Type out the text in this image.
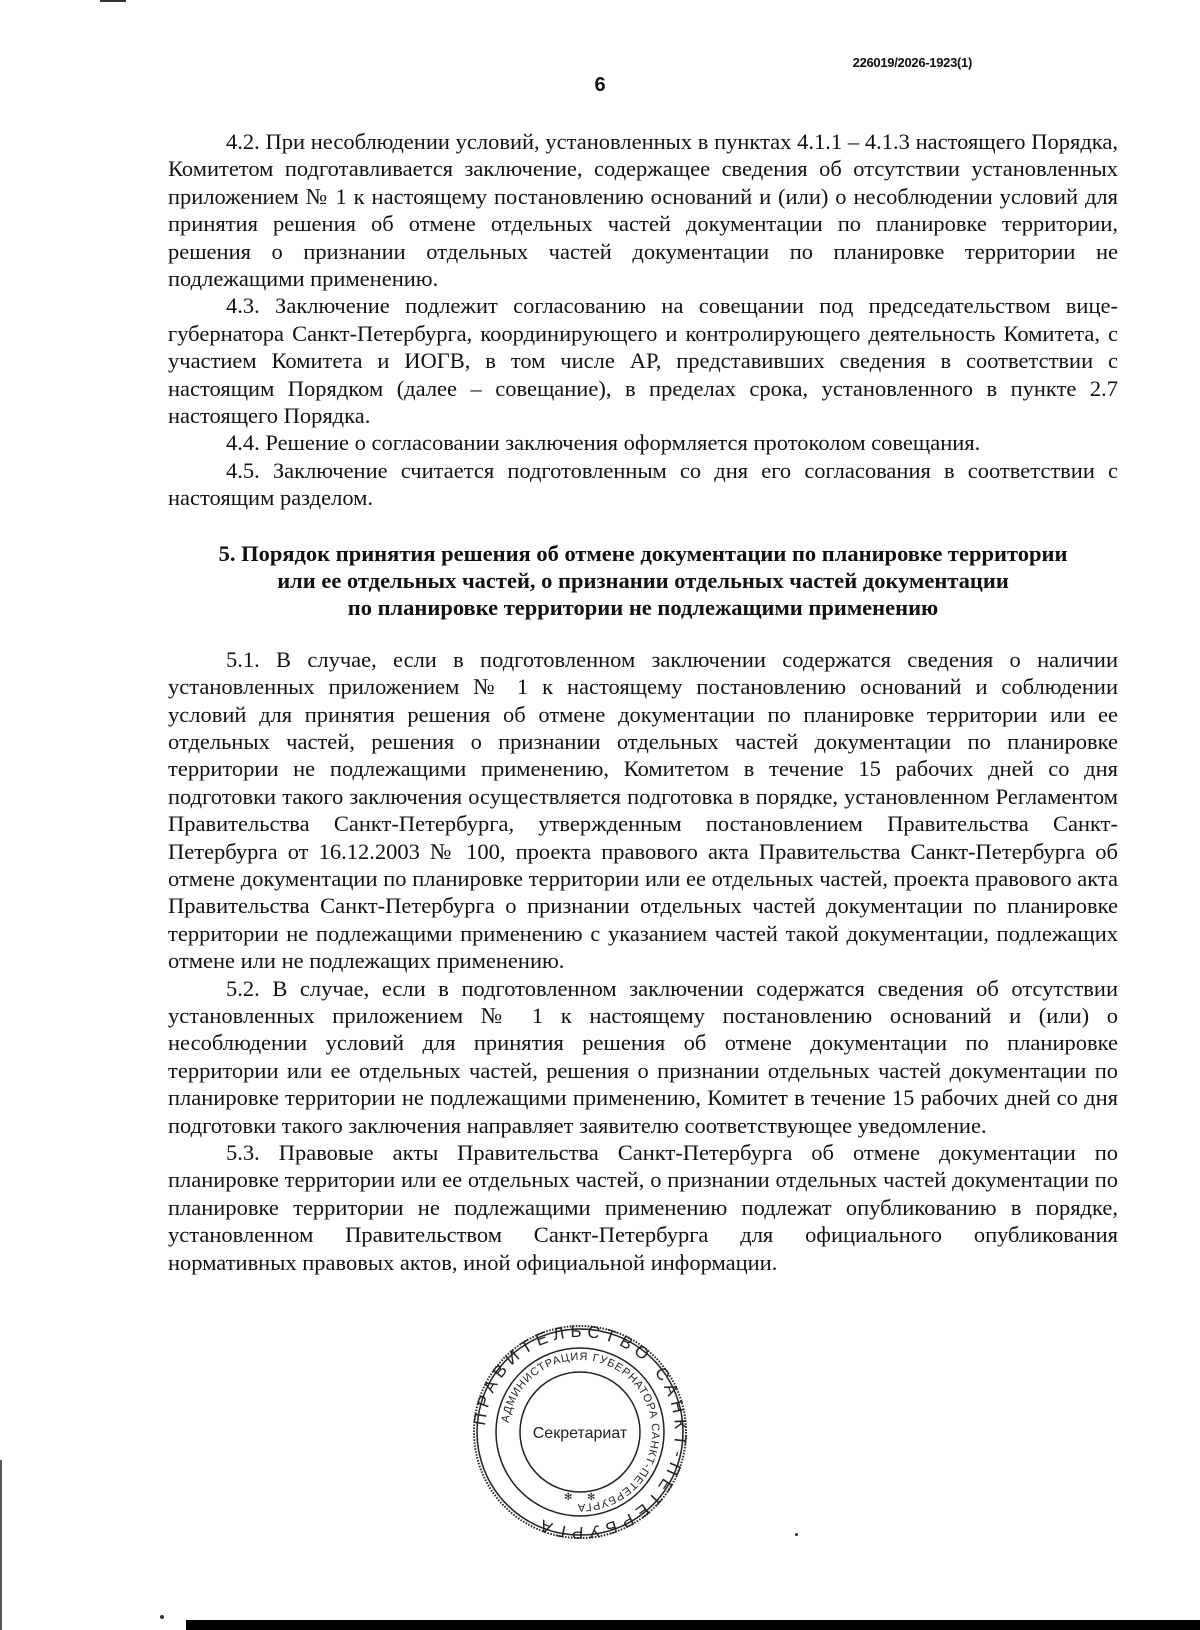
226019/2026-1923(1)
6

4.2. При несоблюдении условий, установленных в пунктах 4.1.1 – 4.1.3 настоящего Порядка, Комитетом подготавливается заключение, содержащее сведения об отсутствии установленных приложением № 1 к настоящему постановлению оснований и (или) о несоблюдении условий для принятия решения об отмене отдельных частей документации по планировке территории, решения о признании отдельных частей документации по планировке территории не подлежащими применению.

4.3. Заключение подлежит согласованию на совещании под председательством вице-губернатора Санкт-Петербурга, координирующего и контролирующего деятельность Комитета, с участием Комитета и ИОГВ, в том числе АР, представивших сведения в соответствии с настоящим Порядком (далее – совещание), в пределах срока, установленного в пункте 2.7 настоящего Порядка.

4.4. Решение о согласовании заключения оформляется протоколом совещания.

4.5. Заключение считается подготовленным со дня его согласования в соответствии с настоящим разделом.

5. Порядок принятия решения об отмене документации по планировке территории
или ее отдельных частей, о признании отдельных частей документации
по планировке территории не подлежащими применению

5.1. В случае, если в подготовленном заключении содержатся сведения о наличии установленных приложением № 1 к настоящему постановлению оснований и соблюдении условий для принятия решения об отмене документации по планировке территории или ее отдельных частей, решения о признании отдельных частей документации по планировке территории не подлежащими применению, Комитетом в течение 15 рабочих дней со дня подготовки такого заключения осуществляется подготовка в порядке, установленном Регламентом Правительства Санкт-Петербурга, утвержденным постановлением Правительства Санкт-Петербурга от 16.12.2003 № 100, проекта правового акта Правительства Санкт-Петербурга об отмене документации по планировке территории или ее отдельных частей, проекта правового акта Правительства Санкт-Петербурга о признании отдельных частей документации по планировке территории не подлежащими применению с указанием частей такой документации, подлежащих отмене или не подлежащих применению.

5.2. В случае, если в подготовленном заключении содержатся сведения об отсутствии установленных приложением № 1 к настоящему постановлению оснований и (или) о несоблюдении условий для принятия решения об отмене документации по планировке территории или ее отдельных частей, решения о признании отдельных частей документации по планировке территории не подлежащими применению, Комитет в течение 15 рабочих дней со дня подготовки такого заключения направляет заявителю соответствующее уведомление.

5.3. Правовые акты Правительства Санкт-Петербурга об отмене документации по планировке территории или ее отдельных частей, о признании отдельных частей документации по планировке территории не подлежащими применению подлежат опубликованию в порядке, установленном Правительством Санкт-Петербурга для официального опубликования нормативных правовых актов, иной официальной информации.

ПРАВИТЕЛЬСТВО САНКТ-ПЕТЕРБУРГА
АДМИНИСТРАЦИЯ ГУБЕРНАТОРА САНКТ-ПЕТЕРБУРГА
Секретариат
✻ ✻
